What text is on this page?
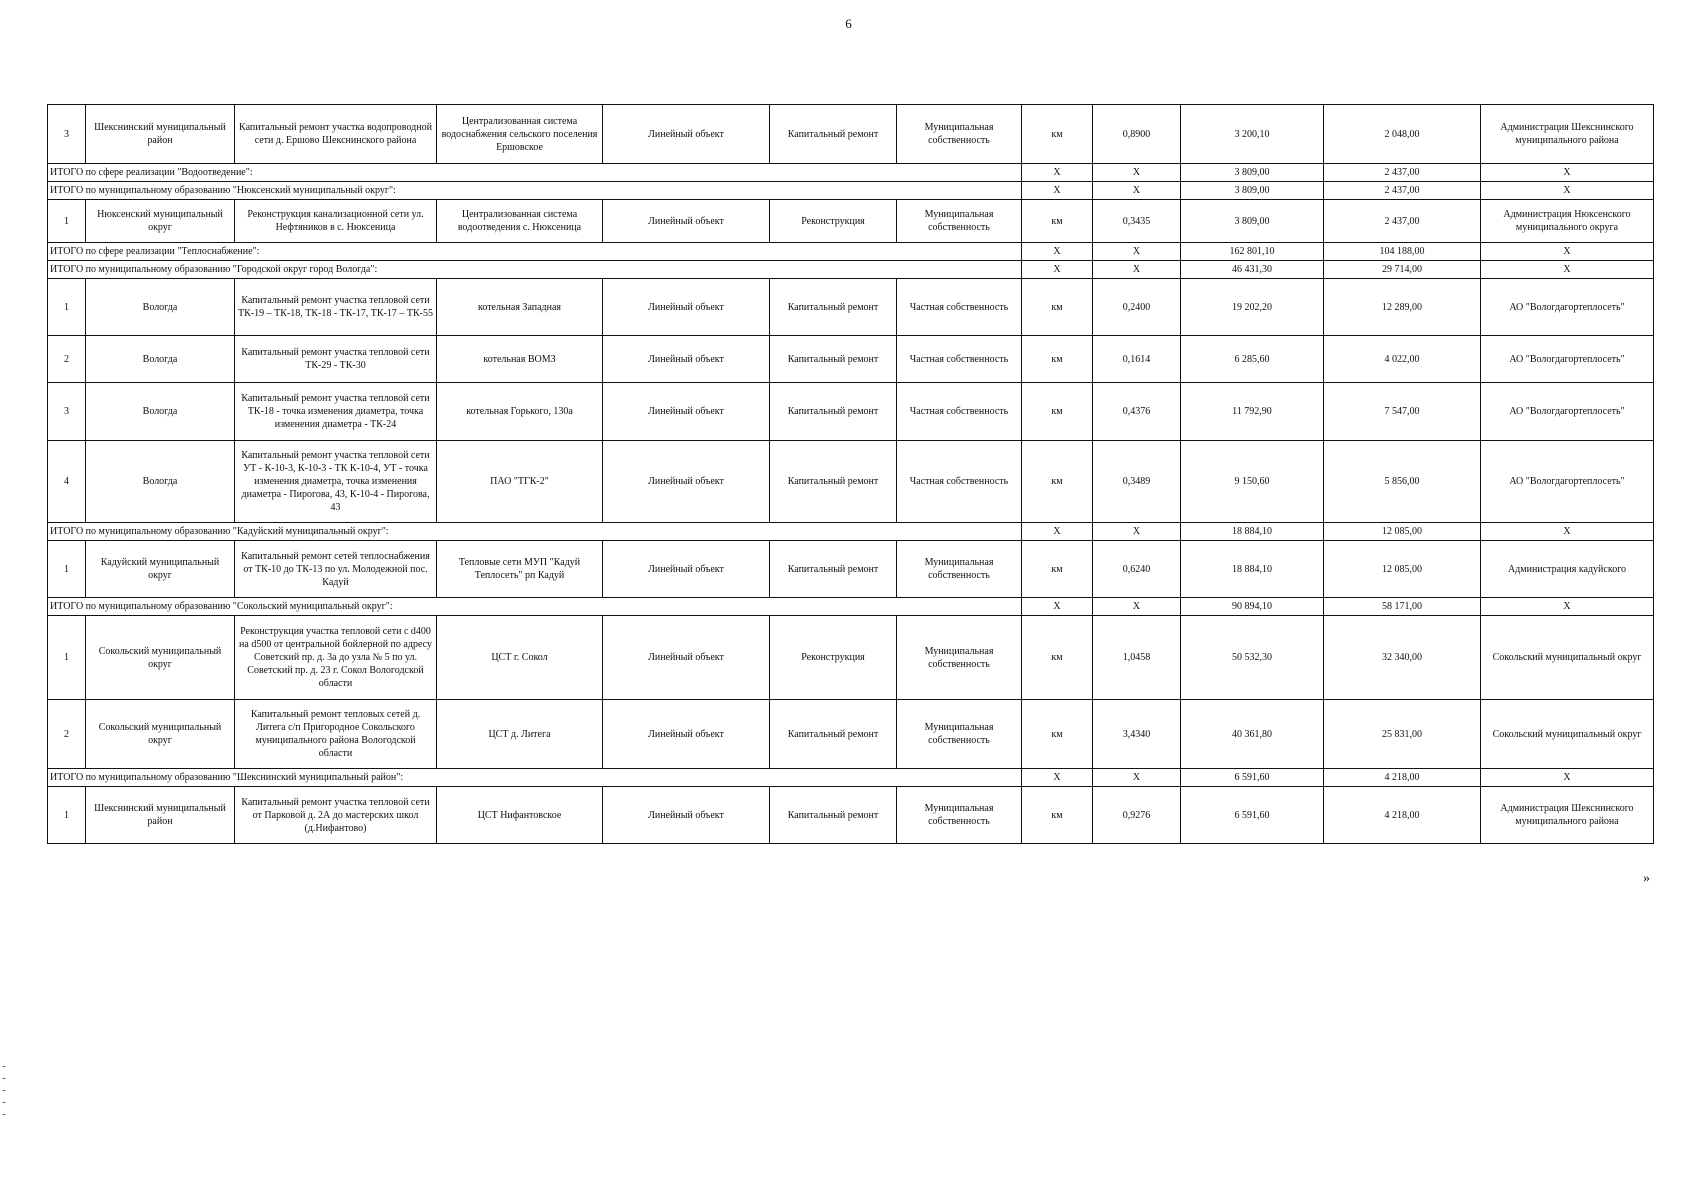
6
3	Шекснинский муниципальный район	Капитальный ремонт участка водопроводной сети д. Ершово Шекснинского района	Централизованная система водоснабжения сельского поселения Ершовское	Линейный объект	Капитальный ремонт	Муниципальная собственность	км	0,8900	3 200,10	2 048,00	Администрация Шекснинского муниципального района
ИТОГО по сфере реализации "Водоотведение":							X	X	3 809,00	2 437,00	X
ИТОГО по муниципальному образованию "Нюксенский муниципальный округ":							X	X	3 809,00	2 437,00	X
1	Нюксенский муниципальный округ	Реконструкция канализационной сети ул. Нефтяников в с. Нюксеница	Централизованная система водоотведения с. Нюксеница	Линейный объект	Реконструкция	Муниципальная собственность	км	0,3435	3 809,00	2 437,00	Администрация Нюксенского муниципального округа
ИТОГО по сфере реализации "Теплоснабжение":							X	X	162 801,10	104 188,00	X
ИТОГО по муниципальному образованию "Городской округ город Вологда":							X	X	46 431,30	29 714,00	X
1	Вологда	Капитальный ремонт участка тепловой сети ТК-19 – ТК-18, ТК-18 - ТК-17, ТК-17 – ТК-55	котельная Западная	Линейный объект	Капитальный ремонт	Частная собственность	км	0,2400	19 202,20	12 289,00	АО "Вологдагортеплосеть"
2	Вологда	Капитальный ремонт участка тепловой сети ТК-29 - ТК-30	котельная ВОМЗ	Линейный объект	Капитальный ремонт	Частная собственность	км	0,1614	6 285,60	4 022,00	АО "Вологдагортеплосеть"
3	Вологда	Капитальный ремонт участка тепловой сети ТК-18 - точка изменения диаметра, точка изменения диаметра - ТК-24	котельная Горького, 130а	Линейный объект	Капитальный ремонт	Частная собственность	км	0,4376	11 792,90	7 547,00	АО "Вологдагортеплосеть"
4	Вологда	Капитальный ремонт участка тепловой сети УТ - К-10-3, К-10-3 - ТК К-10-4, УТ - точка изменения диаметра, точка изменения диаметра - Пирогова, 43, К-10-4 - Пирогова, 43	ПАО "ТГК-2"	Линейный объект	Капитальный ремонт	Частная собственность	км	0,3489	9 150,60	5 856,00	АО "Вологдагортеплосеть"
ИТОГО по муниципальному образованию "Кадуйский муниципальный округ":							X	X	18 884,10	12 085,00	X
1	Кадуйский муниципальный округ	Капитальный ремонт сетей теплоснабжения от ТК-10 до ТК-13 по ул. Молодежной пос. Кадуй	Тепловые сети МУП "Кадуй Теплосеть" рп Кадуй	Линейный объект	Капитальный ремонт	Муниципальная собственность	км	0,6240	18 884,10	12 085,00	Администрация кадуйского
ИТОГО по муниципальному образованию "Сокольский муниципальный округ":							X	X	90 894,10	58 171,00	X
1	Сокольский муниципальный округ	Реконструкция участка тепловой сети с d400 на d500 от центральной бойлерной по адресу Советский пр. д. 3а до узла № 5 по ул. Советский пр. д. 23 г. Сокол Вологодской области	ЦСТ г. Сокол	Линейный объект	Реконструкция	Муниципальная собственность	км	1,0458	50 532,30	32 340,00	Сокольский муниципальный округ
2	Сокольский муниципальный округ	Капитальный ремонт тепловых сетей д. Литега с/п Пригородное Сокольского муниципального района Вологодской области	ЦСТ д. Литега	Линейный объект	Капитальный ремонт	Муниципальная собственность	км	3,4340	40 361,80	25 831,00	Сокольский муниципальный округ
ИТОГО по муниципальному образованию "Шекснинский муниципальный район":							X	X	6 591,60	4 218,00	X
1	Шекснинский муниципальный район	Капитальный ремонт участка тепловой сети от Парковой д. 2А до мастерских школ (д.Нифантово)	ЦСТ Нифантовское	Линейный объект	Капитальный ремонт	Муниципальная собственность	км	0,9276	6 591,60	4 218,00	Администрация Шекснинского муниципального района
»
-
-
-
-
-
